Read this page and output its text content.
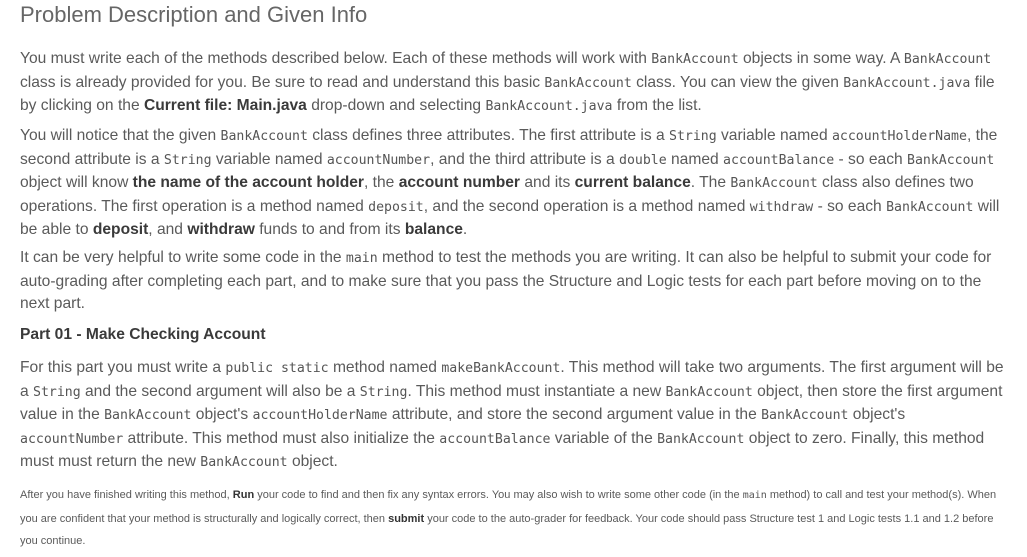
Problem Description and Given Info

You must write each of the methods described below. Each of these methods will work with BankAccount objects in some way. A BankAccount class is already provided for you. Be sure to read and understand this basic BankAccount class. You can view the given BankAccount.java file by clicking on the Current file: Main.java drop-down and selecting BankAccount.java from the list.

You will notice that the given BankAccount class defines three attributes. The first attribute is a String variable named accountHolderName, the second attribute is a String variable named accountNumber, and the third attribute is a double named accountBalance - so each BankAccount object will know the name of the account holder, the account number and its current balance. The BankAccount class also defines two operations. The first operation is a method named deposit, and the second operation is a method named withdraw - so each BankAccount will be able to deposit, and withdraw funds to and from its balance.

It can be very helpful to write some code in the main method to test the methods you are writing. It can also be helpful to submit your code for auto-grading after completing each part, and to make sure that you pass the Structure and Logic tests for each part before moving on to the next part.

Part 01 - Make Checking Account

For this part you must write a public static method named makeBankAccount. This method will take two arguments. The first argument will be a String and the second argument will also be a String. This method must instantiate a new BankAccount object, then store the first argument value in the BankAccount object's accountHolderName attribute, and store the second argument value in the BankAccount object's accountNumber attribute. This method must also initialize the accountBalance variable of the BankAccount object to zero. Finally, this method must must return the new BankAccount object.

After you have finished writing this method, Run your code to find and then fix any syntax errors. You may also wish to write some other code (in the main method) to call and test your method(s). When you are confident that your method is structurally and logically correct, then submit your code to the auto-grader for feedback. Your code should pass Structure test 1 and Logic tests 1.1 and 1.2 before you continue.
